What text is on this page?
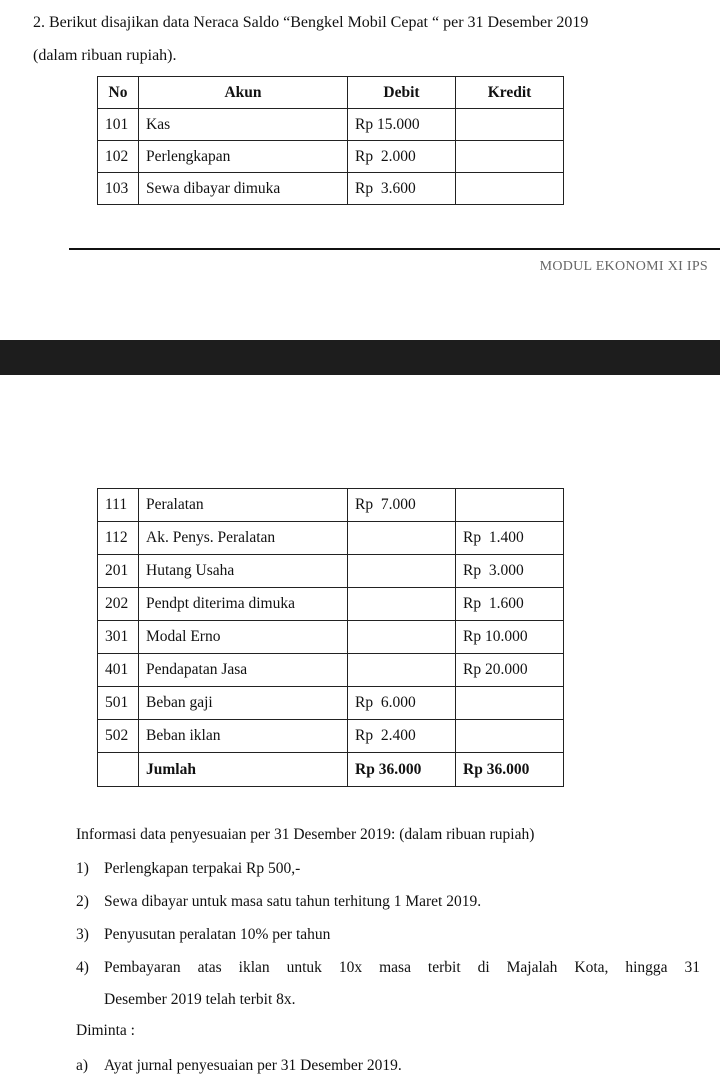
2. Berikut disajikan data Neraca Saldo “Bengkel Mobil Cepat “ per 31 Desember 2019
(dalam ribuan rupiah).
No	Akun	Debit	Kredit
101	Kas	Rp 15.000	
102	Perlengkapan	Rp  2.000	
103	Sewa dibayar dimuka	Rp  3.600	
MODUL EKONOMI XI IPS
111	Peralatan	Rp  7.000	
112	Ak. Penys. Peralatan		Rp  1.400
201	Hutang Usaha		Rp  3.000
202	Pendpt diterima dimuka		Rp  1.600
301	Modal Erno		Rp 10.000
401	Pendapatan Jasa		Rp 20.000
501	Beban gaji	Rp  6.000	
502	Beban iklan	Rp  2.400	
	Jumlah	Rp 36.000	Rp 36.000
Informasi data penyesuaian per 31 Desember 2019: (dalam ribuan rupiah)
1) Perlengkapan terpakai Rp 500,-
2) Sewa dibayar untuk masa satu tahun terhitung 1 Maret 2019.
3) Penyusutan peralatan 10% per tahun
4) Pembayaran atas iklan untuk 10x masa terbit di Majalah Kota, hingga 31
Desember 2019 telah terbit 8x.
Diminta :
a) Ayat jurnal penyesuaian per 31 Desember 2019.
